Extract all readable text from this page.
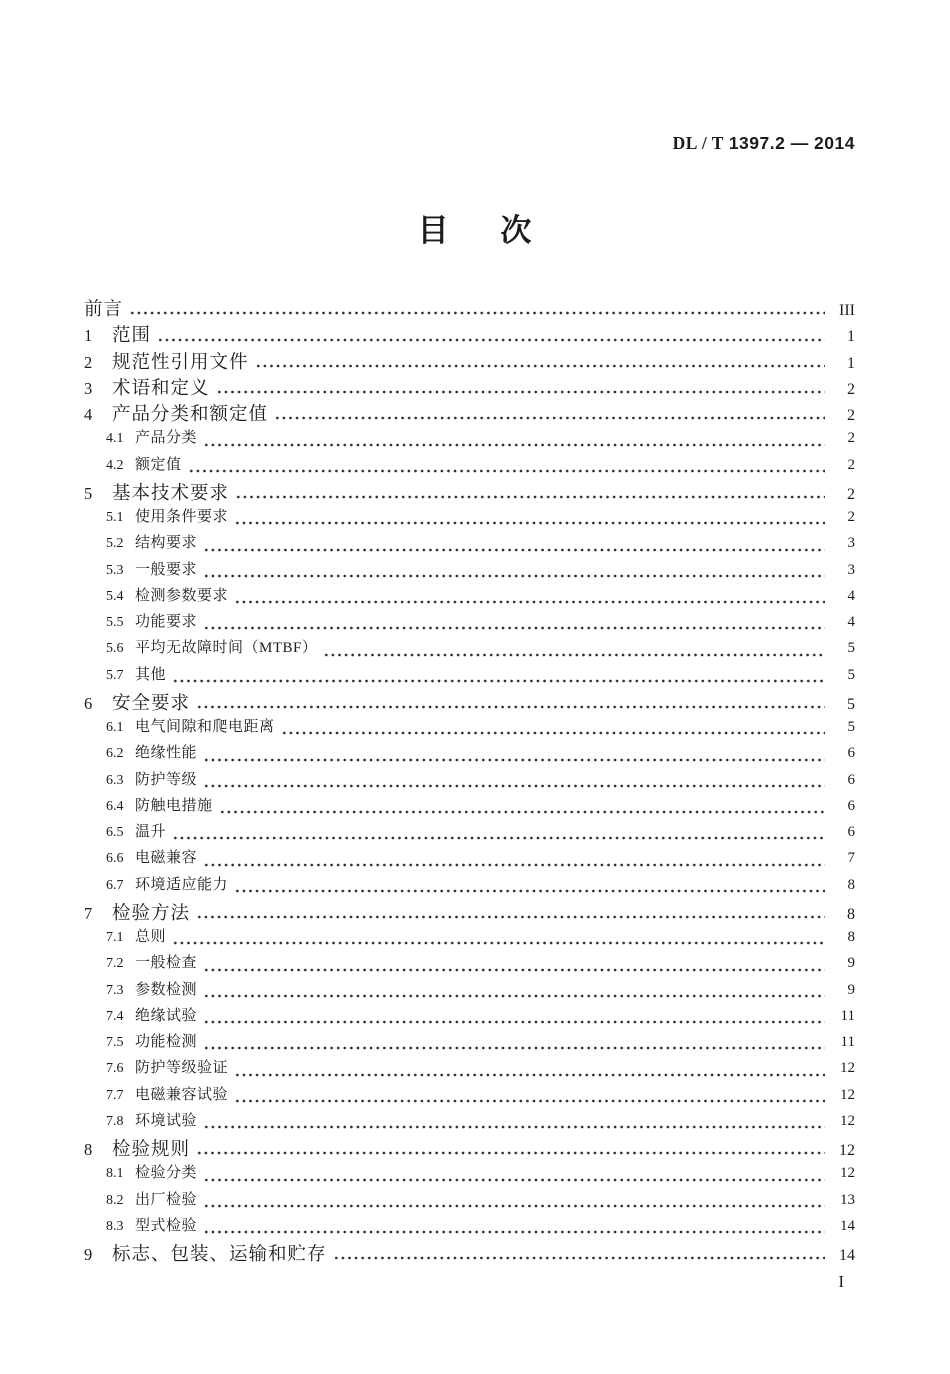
DL / T 1397.2 — 2014
目 次
前言	III
1	范围	1
2	规范性引用文件	1
3	术语和定义	2
4	产品分类和额定值	2
4.1 产品分类	2
4.2 额定值	2
5	基本技术要求	2
5.1 使用条件要求	2
5.2 结构要求	3
5.3 一般要求	3
5.4 检测参数要求	4
5.5 功能要求	4
5.6 平均无故障时间（MTBF）	5
5.7 其他	5
6	安全要求	5
6.1 电气间隙和爬电距离	5
6.2 绝缘性能	6
6.3 防护等级	6
6.4 防触电措施	6
6.5 温升	6
6.6 电磁兼容	7
6.7 环境适应能力	8
7	检验方法	8
7.1 总则	8
7.2 一般检查	9
7.3 参数检测	9
7.4 绝缘试验	11
7.5 功能检测	11
7.6 防护等级验证	12
7.7 电磁兼容试验	12
7.8 环境试验	12
8	检验规则	12
8.1 检验分类	12
8.2 出厂检验	13
8.3 型式检验	14
9	标志、包装、运输和贮存	14
I
